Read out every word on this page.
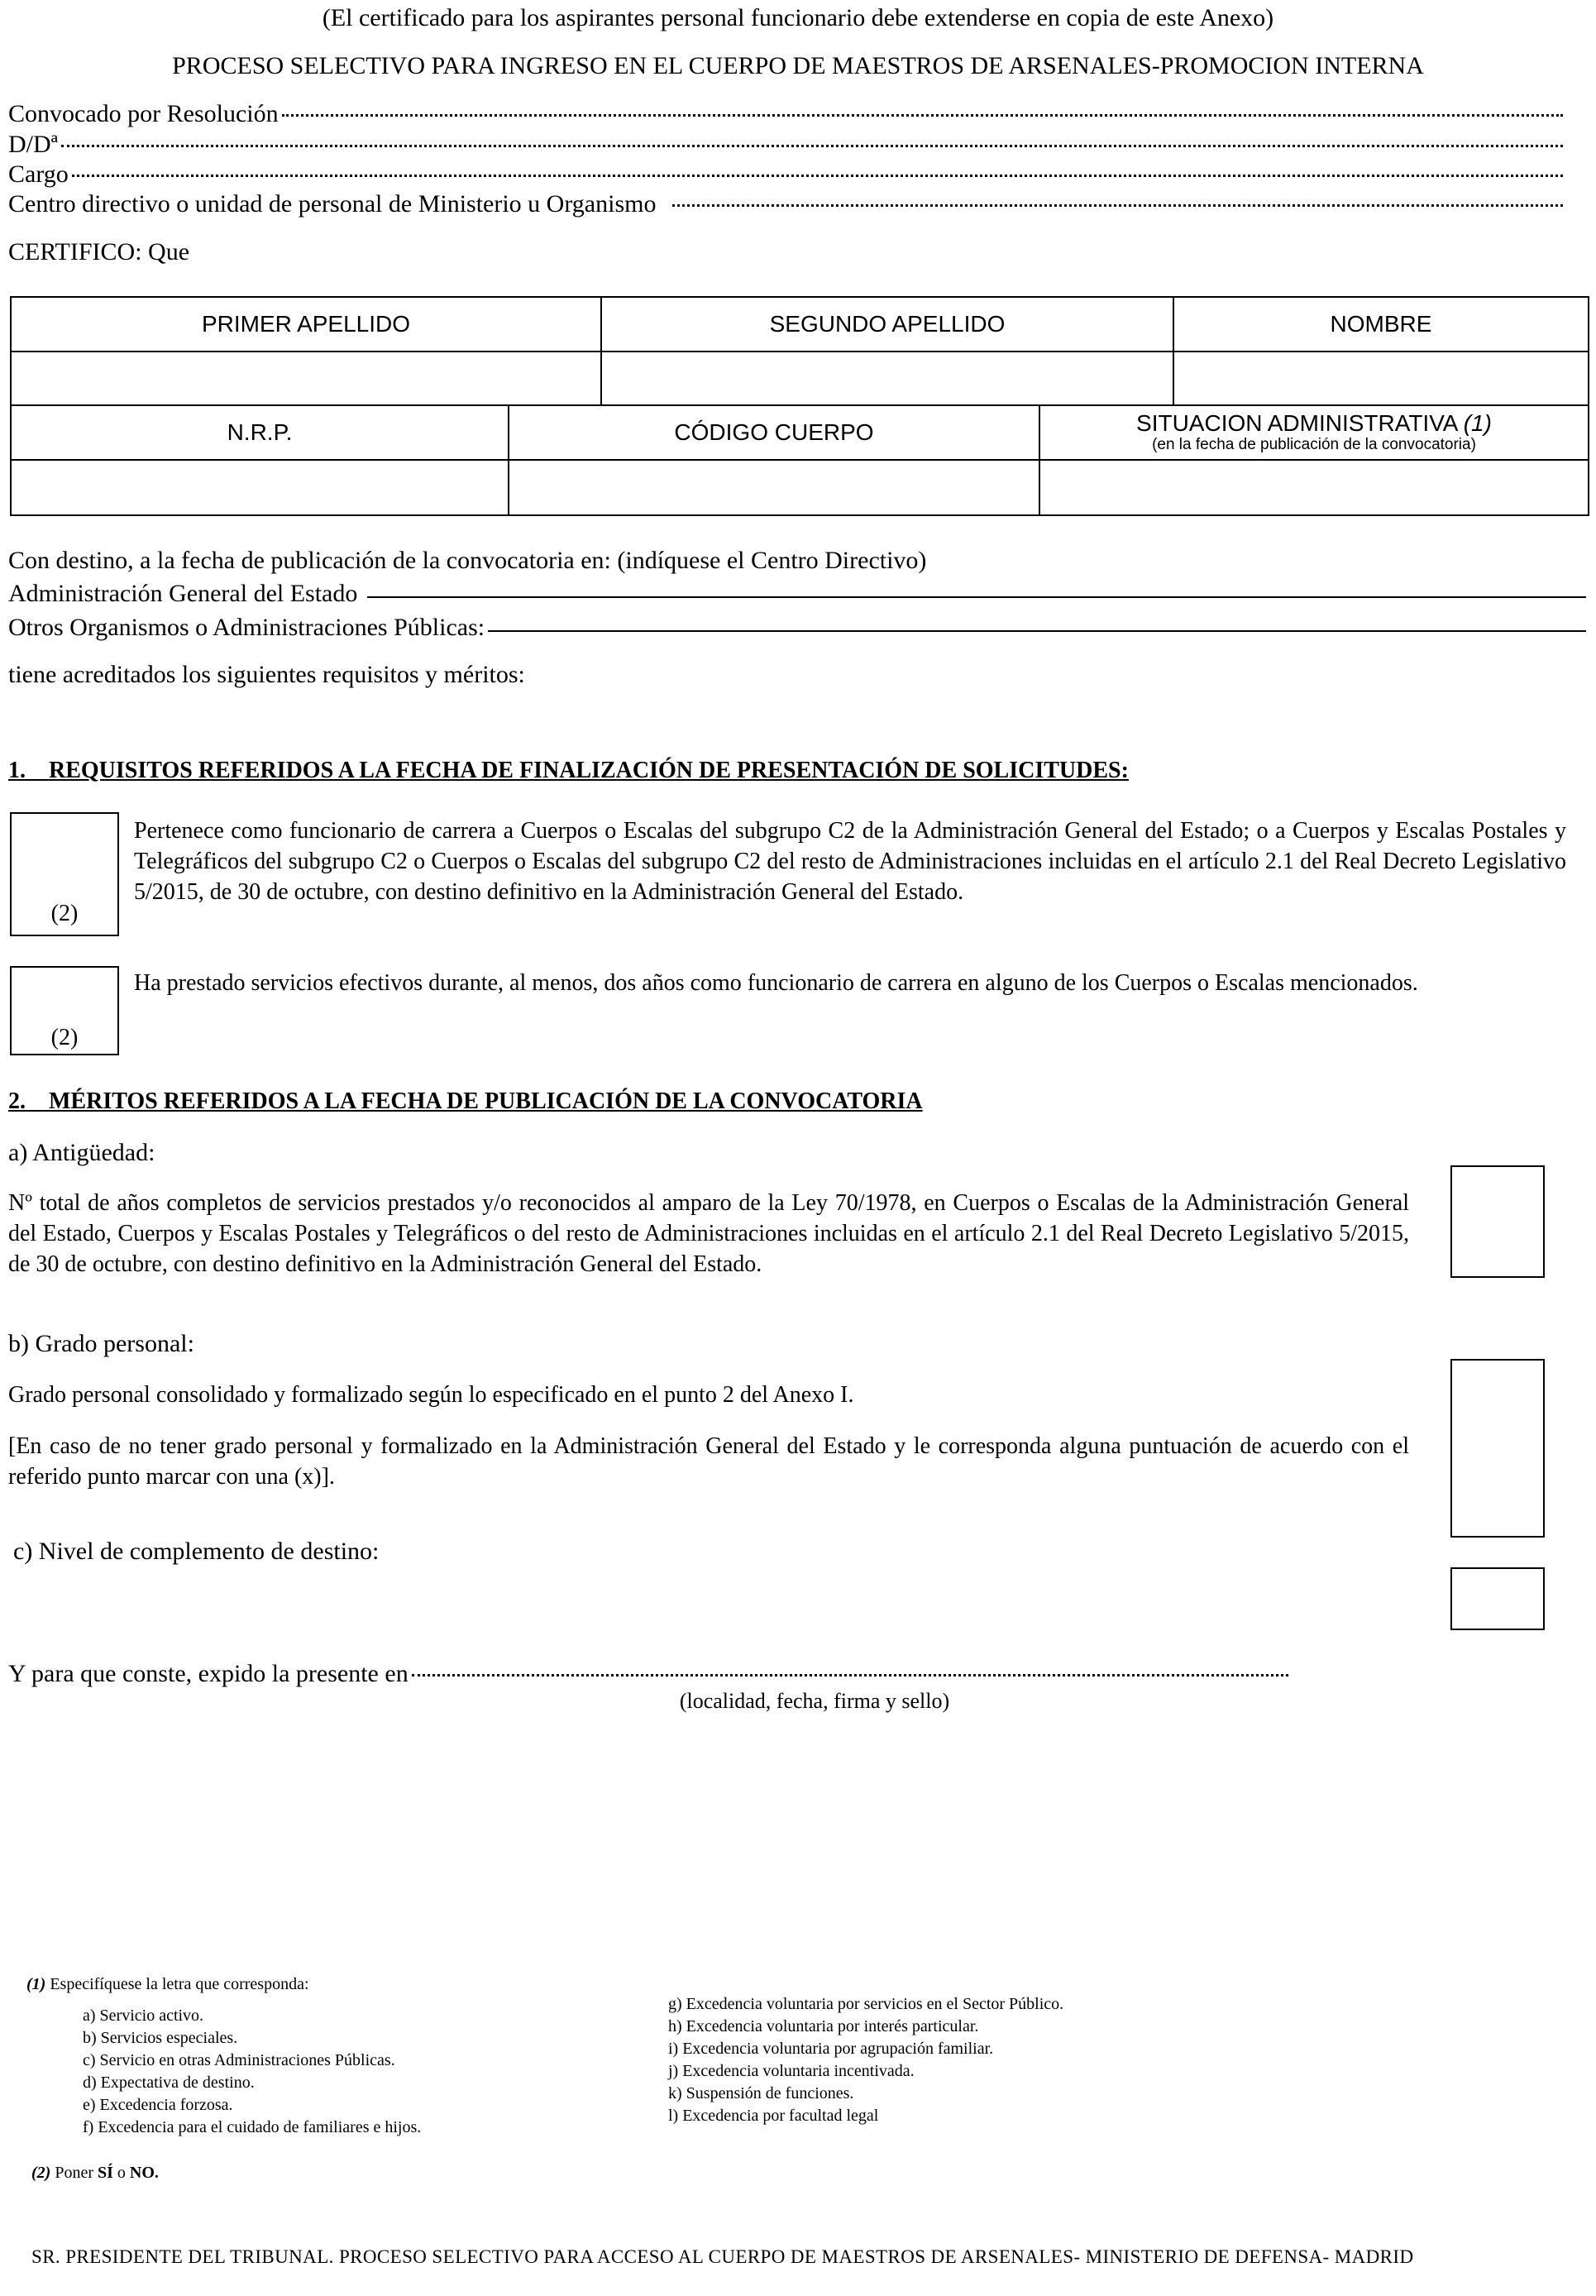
(El certificado para los aspirantes personal funcionario debe extenderse en copia de este Anexo)
PROCESO SELECTIVO PARA INGRESO EN EL CUERPO DE MAESTROS DE ARSENALES-PROMOCION INTERNA
Convocado por Resolución
D/Dª
Cargo
Centro directivo o unidad de personal de Ministerio u Organismo
CERTIFICO: Que
PRIMER APELLIDO	SEGUNDO APELLIDO	NOMBRE
N.R.P.	CÓDIGO CUERPO	SITUACION ADMINISTRATIVA (1)
(en la fecha de publicación de la convocatoria)
Con destino, a la fecha de publicación de la convocatoria en: (indíquese el Centro Directivo)
Administración General del Estado
Otros Organismos o Administraciones Públicas:
tiene acreditados los siguientes requisitos y méritos:
1.    REQUISITOS REFERIDOS A LA FECHA DE FINALIZACIÓN DE PRESENTACIÓN DE SOLICITUDES:
(2)
Pertenece como funcionario de carrera a Cuerpos o Escalas del subgrupo C2 de la Administración General del Estado; o a Cuerpos y Escalas Postales y Telegráficos del subgrupo C2 o Cuerpos o Escalas del subgrupo C2 del resto de Administraciones incluidas en el artículo 2.1 del Real Decreto Legislativo 5/2015, de 30 de octubre, con destino definitivo en la Administración General del Estado.
(2)
Ha prestado servicios efectivos durante, al menos, dos años como funcionario de carrera en alguno de los Cuerpos o Escalas mencionados.
2.    MÉRITOS REFERIDOS A LA FECHA DE PUBLICACIÓN DE LA CONVOCATORIA
a) Antigüedad:
Nº total de años completos de servicios prestados y/o reconocidos al amparo de la Ley 70/1978, en Cuerpos o Escalas de la Administración General del Estado, Cuerpos y Escalas Postales y Telegráficos o del resto de Administraciones incluidas en el artículo 2.1 del Real Decreto Legislativo 5/2015, de 30 de octubre, con destino definitivo en la Administración General del Estado.
b) Grado personal:
Grado personal consolidado y formalizado según lo especificado en el punto 2 del Anexo I.
[En caso de no tener grado personal y formalizado en la Administración General del Estado y le corresponda alguna puntuación de acuerdo con el referido punto marcar con una (x)].
c) Nivel de complemento de destino:
Y para que conste, expido la presente en
(localidad, fecha, firma y sello)
(1) Especifíquese la letra que corresponda:
a) Servicio activo.
b) Servicios especiales.
c) Servicio en otras Administraciones Públicas.
d) Expectativa de destino.
e) Excedencia forzosa.
f) Excedencia para el cuidado de familiares e hijos.
g) Excedencia voluntaria por servicios en el Sector Público.
h) Excedencia voluntaria por interés particular.
i) Excedencia voluntaria por agrupación familiar.
j) Excedencia voluntaria incentivada.
k) Suspensión de funciones.
l) Excedencia por facultad legal
(2) Poner SÍ o NO.
SR. PRESIDENTE DEL TRIBUNAL. PROCESO SELECTIVO PARA ACCESO AL CUERPO DE MAESTROS DE ARSENALES- MINISTERIO DE DEFENSA- MADRID
